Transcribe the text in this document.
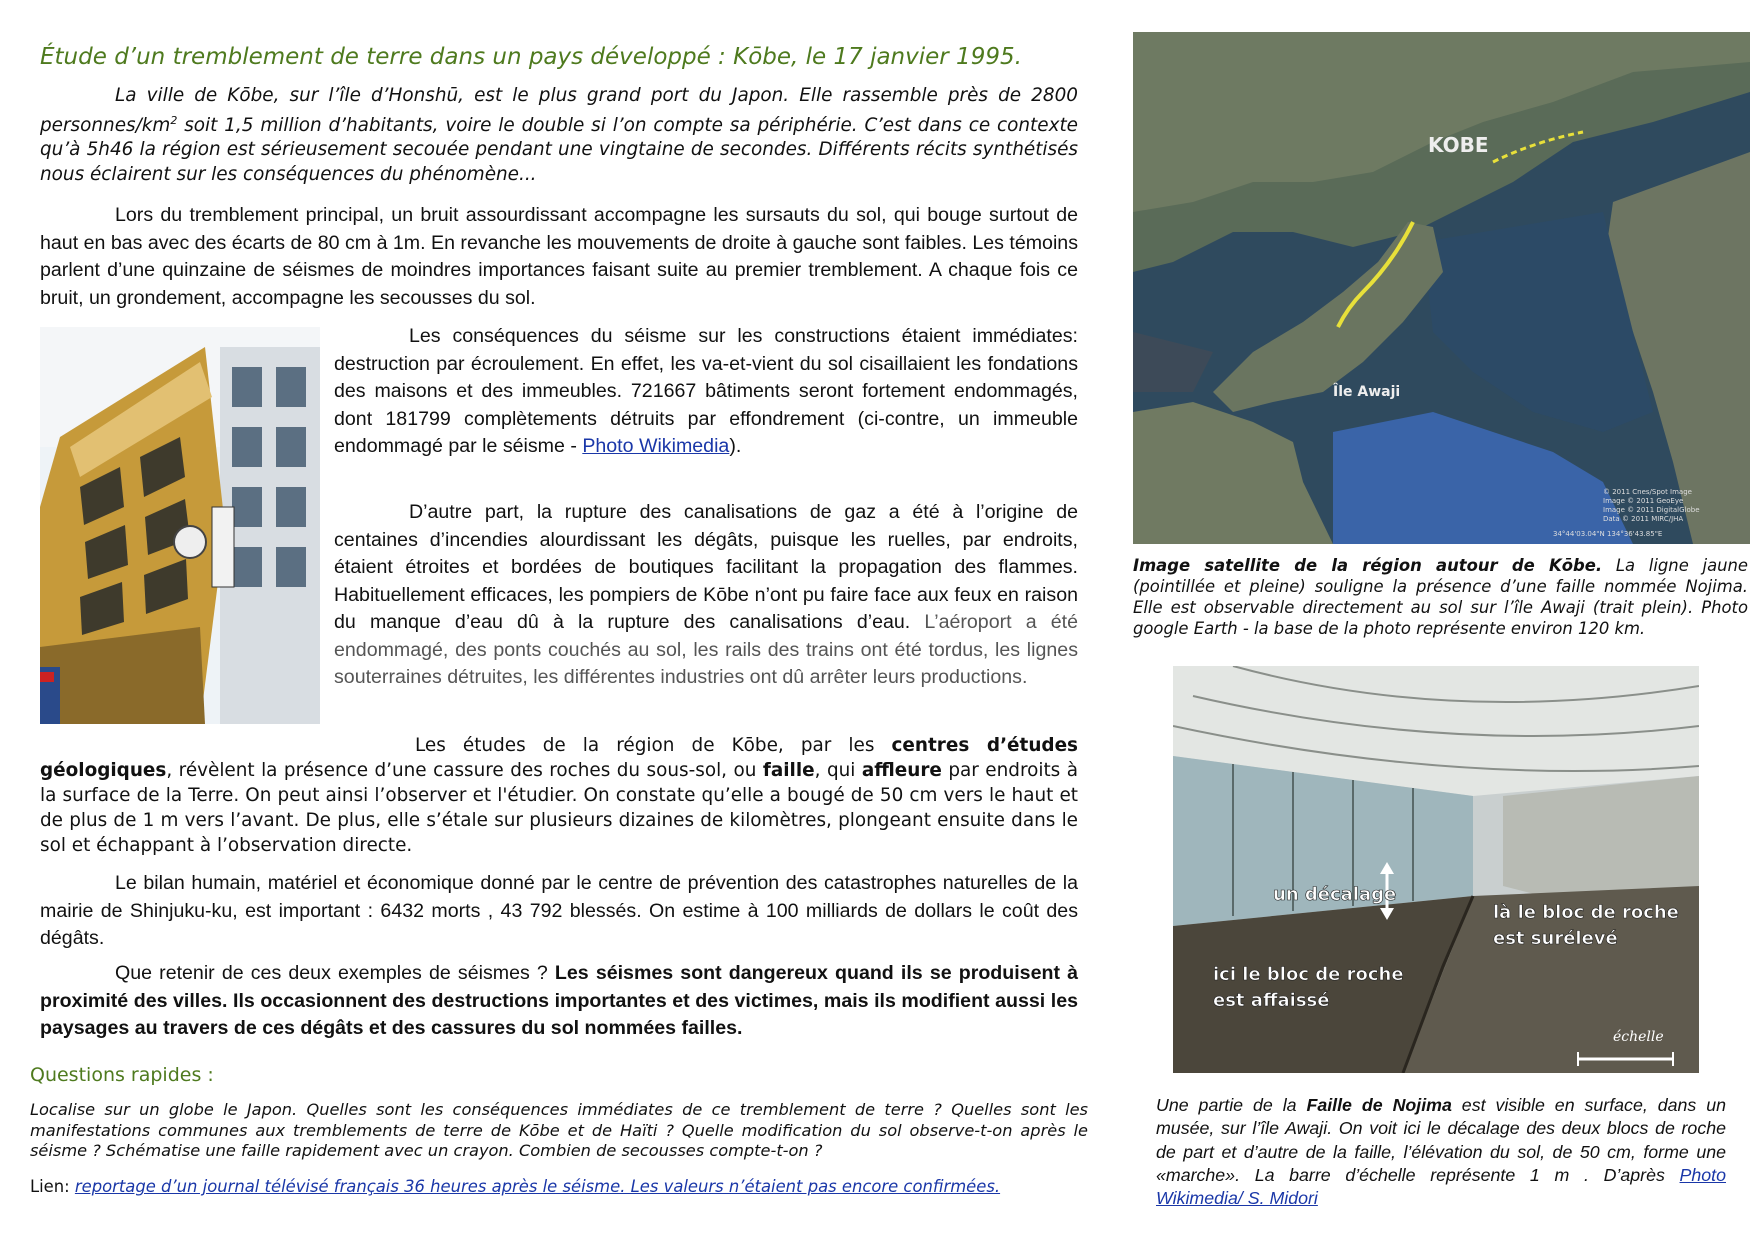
Étude d’un tremblement de terre dans un pays développé : Kōbe, le 17 janvier 1995.
La ville de Kōbe, sur l’île d’Honshū, est le plus grand port du Japon. Elle rassemble près de 2800 personnes/$km^2$ soit 1,5 million d’habitants, voire le double si l’on compte sa périphérie. C’est dans ce contexte qu’à 5h46 la région est sérieusement secouée pendant une vingtaine de secondes. Différents récits synthétisés nous éclairent sur les conséquences du phénomène...
Lors du tremblement principal, un bruit assourdissant accompagne les sursauts du sol, qui bouge surtout de haut en bas avec des écarts de 80 cm à 1m. En revanche les mouvements de droite à gauche sont faibles. Les témoins parlent d’une quinzaine de séismes de moindres importances faisant suite au premier tremblement. A chaque fois ce bruit, un grondement, accompagne les secousses du sol.
Les conséquences du séisme sur les constructions étaient immédiates: destruction par écroulement. En effet, les va-et-vient du sol cisaillaient les fondations des maisons et des immeubles. 721667 bâtiments seront fortement endommagés, dont 181799 complètements détruits par effondrement (ci-contre, un immeuble endommagé par le séisme - Photo Wikimedia).
D’autre part, la rupture des canalisations de gaz a été à l’origine de centaines d’incendies alourdissant les dégâts, puisque les ruelles, par endroits, étaient étroites et bordées de boutiques facilitant la propagation des flammes. Habituellement efficaces, les pompiers de Kōbe n’ont pu faire face aux feux en raison du manque d’eau dû à la rupture des canalisations d’eau. L’aéroport a été endommagé, des ponts couchés au sol, les rails des trains ont été tordus, les lignes souterraines détruites, les différentes industries ont dû arrêter leurs productions.
Les études de la région de Kōbe, par les centres d’études géologiques, révèlent la présence d’une cassure des roches du sous-sol, ou faille, qui affleure par endroits à la surface de la Terre. On peut ainsi l’observer et l'étudier. On constate qu’elle a bougé de 50 cm vers le haut et de plus de 1 m vers l’avant. De plus, elle s’étale sur plusieurs dizaines de kilomètres, plongeant ensuite dans le sol et échappant à l’observation directe.
Le bilan humain, matériel et économique donné par le centre de prévention des catastrophes naturelles de la mairie de Shinjuku-ku, est important : 6432 morts , 43 792 blessés. On estime à 100 milliards de dollars le coût des dégâts.
Que retenir de ces deux exemples de séismes ? Les séismes sont dangereux quand ils se produisent à proximité des villes. Ils occasionnent des destructions importantes et des victimes, mais ils modifient aussi les paysages au travers de ces dégâts et des cassures du sol nommées failles.
Questions rapides :
Localise sur un globe le Japon. Quelles sont les conséquences immédiates de ce tremblement de terre ? Quelles sont les manifestations communes aux tremblements de terre de Kōbe et de Haïti ? Quelle modification du sol observe-t-on après le séisme ? Schématise une faille rapidement avec un crayon. Combien de secousses compte-t-on ?
Lien: reportage d’un journal télévisé français 36 heures après le séisme. Les valeurs n’étaient pas encore confirmées.
KOBE
Île Awaji
© 2011 Cnes/Spot Image
Image © 2011 GeoEye
Image © 2011 DigitalGlobe
Data © 2011 MIRC/JHA
34°44'03.04"N 134°36'43.85"E
Image satellite de la région autour de Kōbe. La ligne jaune (pointillée et pleine) souligne la présence d’une faille nommée Nojima. Elle est observable directement au sol sur l’île Awaji (trait plein). Photo google Earth - la base de la photo représente environ 120 km.
un décalage
là le bloc de roche
est surélevé
ici le bloc de roche
est affaissé
échelle
Une partie de la Faille de Nojima est visible en surface, dans un musée, sur l’île Awaji. On voit ici le décalage des deux blocs de roche de part et d’autre de la faille, l’élévation du sol, de 50 cm, forme une «marche». La barre d’échelle représente 1 m . D’après Photo Wikimedia/ S. Midori
